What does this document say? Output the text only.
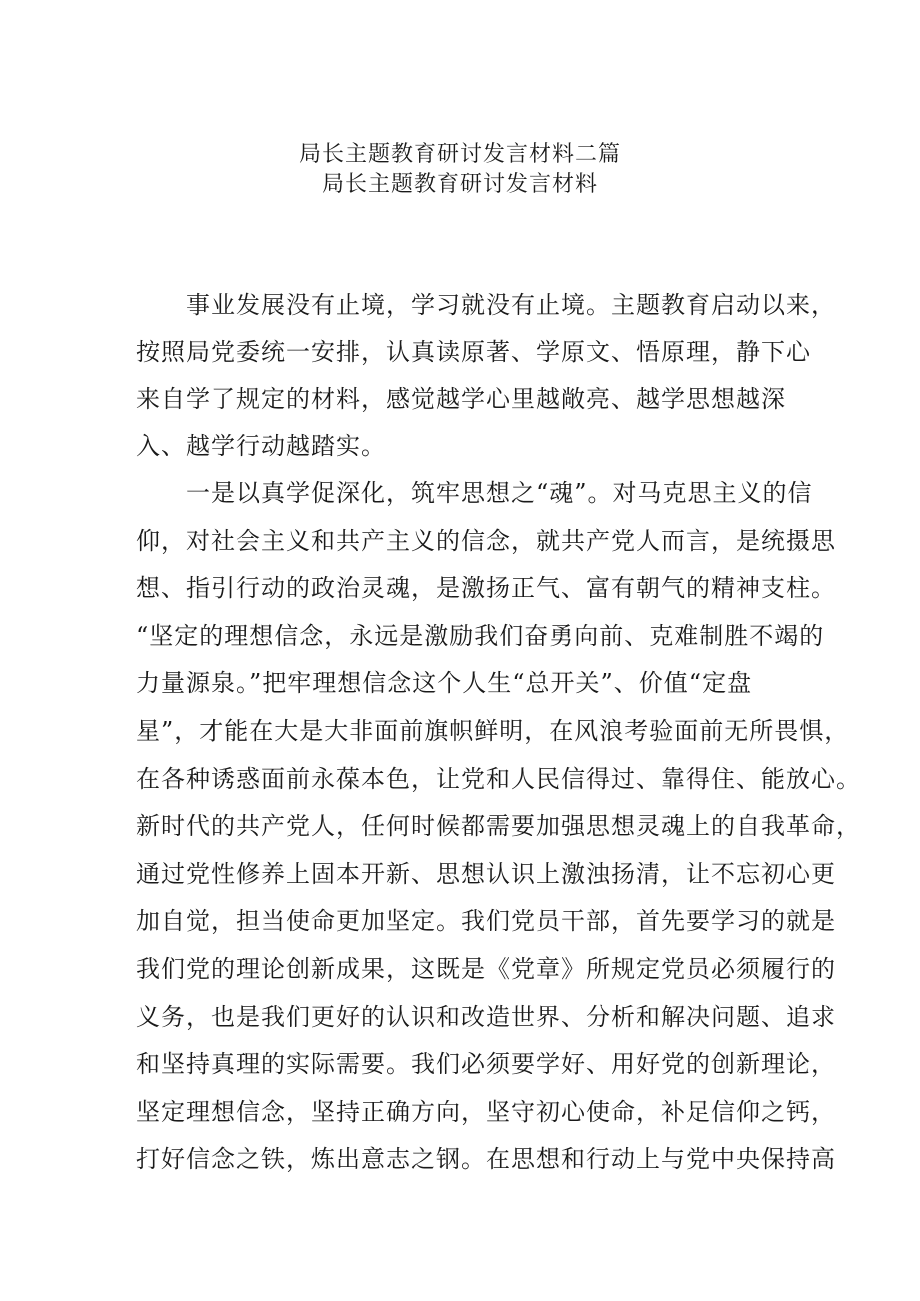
局长主题教育研讨发言材料二篇
局长主题教育研讨发言材料
　　事业发展没有止境，学习就没有止境。主题教育启动以来，
按照局党委统一安排，认真读原著、学原文、悟原理，静下心
来自学了规定的材料，感觉越学心里越敞亮、越学思想越深
入、越学行动越踏实。
　　一是以真学促深化，筑牢思想之“魂”。对马克思主义的信
仰，对社会主义和共产主义的信念，就共产党人而言，是统摄思
想、指引行动的政治灵魂，是激扬正气、富有朝气的精神支柱。
“坚定的理想信念，永远是激励我们奋勇向前、克难制胜不竭的
力量源泉。”把牢理想信念这个人生“总开关”、价值“定盘
星”，才能在大是大非面前旗帜鲜明，在风浪考验面前无所畏惧，
在各种诱惑面前永葆本色，让党和人民信得过、靠得住、能放心。
新时代的共产党人，任何时候都需要加强思想灵魂上的自我革命，
通过党性修养上固本开新、思想认识上激浊扬清，让不忘初心更
加自觉，担当使命更加坚定。我们党员干部，首先要学习的就是
我们党的理论创新成果，这既是《党章》所规定党员必须履行的
义务，也是我们更好的认识和改造世界、分析和解决问题、追求
和坚持真理的实际需要。我们必须要学好、用好党的创新理论，
坚定理想信念，坚持正确方向，坚守初心使命，补足信仰之钙，
打好信念之铁，炼出意志之钢。在思想和行动上与党中央保持高
